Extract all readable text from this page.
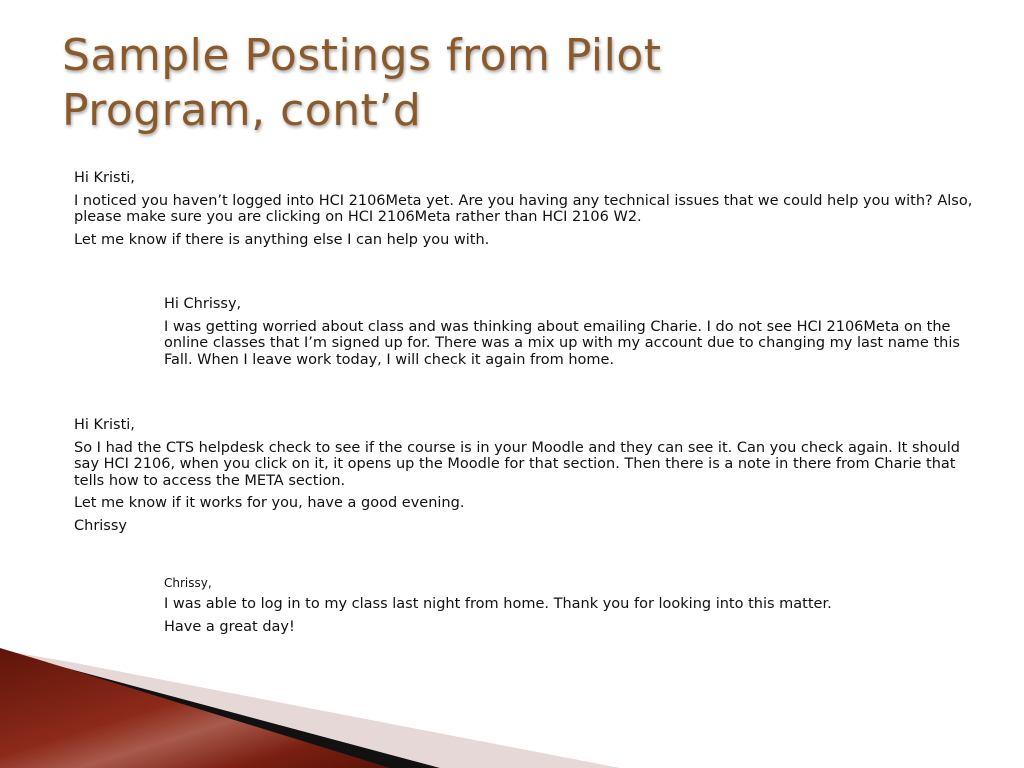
Sample Postings from Pilot
Program, cont’d

Hi Kristi,

I noticed you haven’t logged into HCI 2106Meta yet. Are you having any technical issues that we could help you with? Also, please make sure you are clicking on HCI 2106Meta rather than HCI 2106 W2.

Let me know if there is anything else I can help you with.

Hi Chrissy,

I was getting worried about class and was thinking about emailing Charie. I do not see HCI 2106Meta on the online classes that I’m signed up for. There was a mix up with my account due to changing my last name this Fall. When I leave work today, I will check it again from home.

Hi Kristi,

So I had the CTS helpdesk check to see if the course is in your Moodle and they can see it. Can you check again. It should say HCI 2106, when you click on it, it opens up the Moodle for that section. Then there is a note in there from Charie that tells how to access the META section.

Let me know if it works for you, have a good evening.

Chrissy

Chrissy,

I was able to log in to my class last night from home. Thank you for looking into this matter.

Have a great day!
